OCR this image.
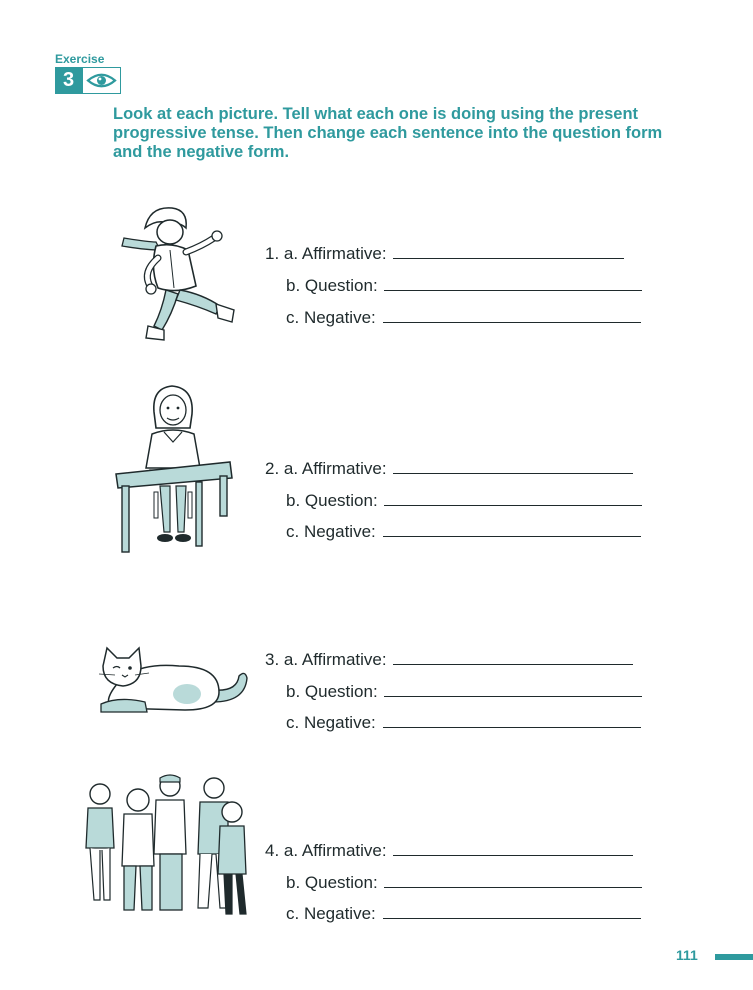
Exercise
3

Look at each picture. Tell what each one is doing using the present progressive tense. Then change each sentence into the question form and the negative form.

1. a. Affirmative:
b. Question:
c. Negative:
2. a. Affirmative:
b. Question:
c. Negative:
3. a. Affirmative:
b. Question:
c. Negative:
4. a. Affirmative:
b. Question:
c. Negative:
111
